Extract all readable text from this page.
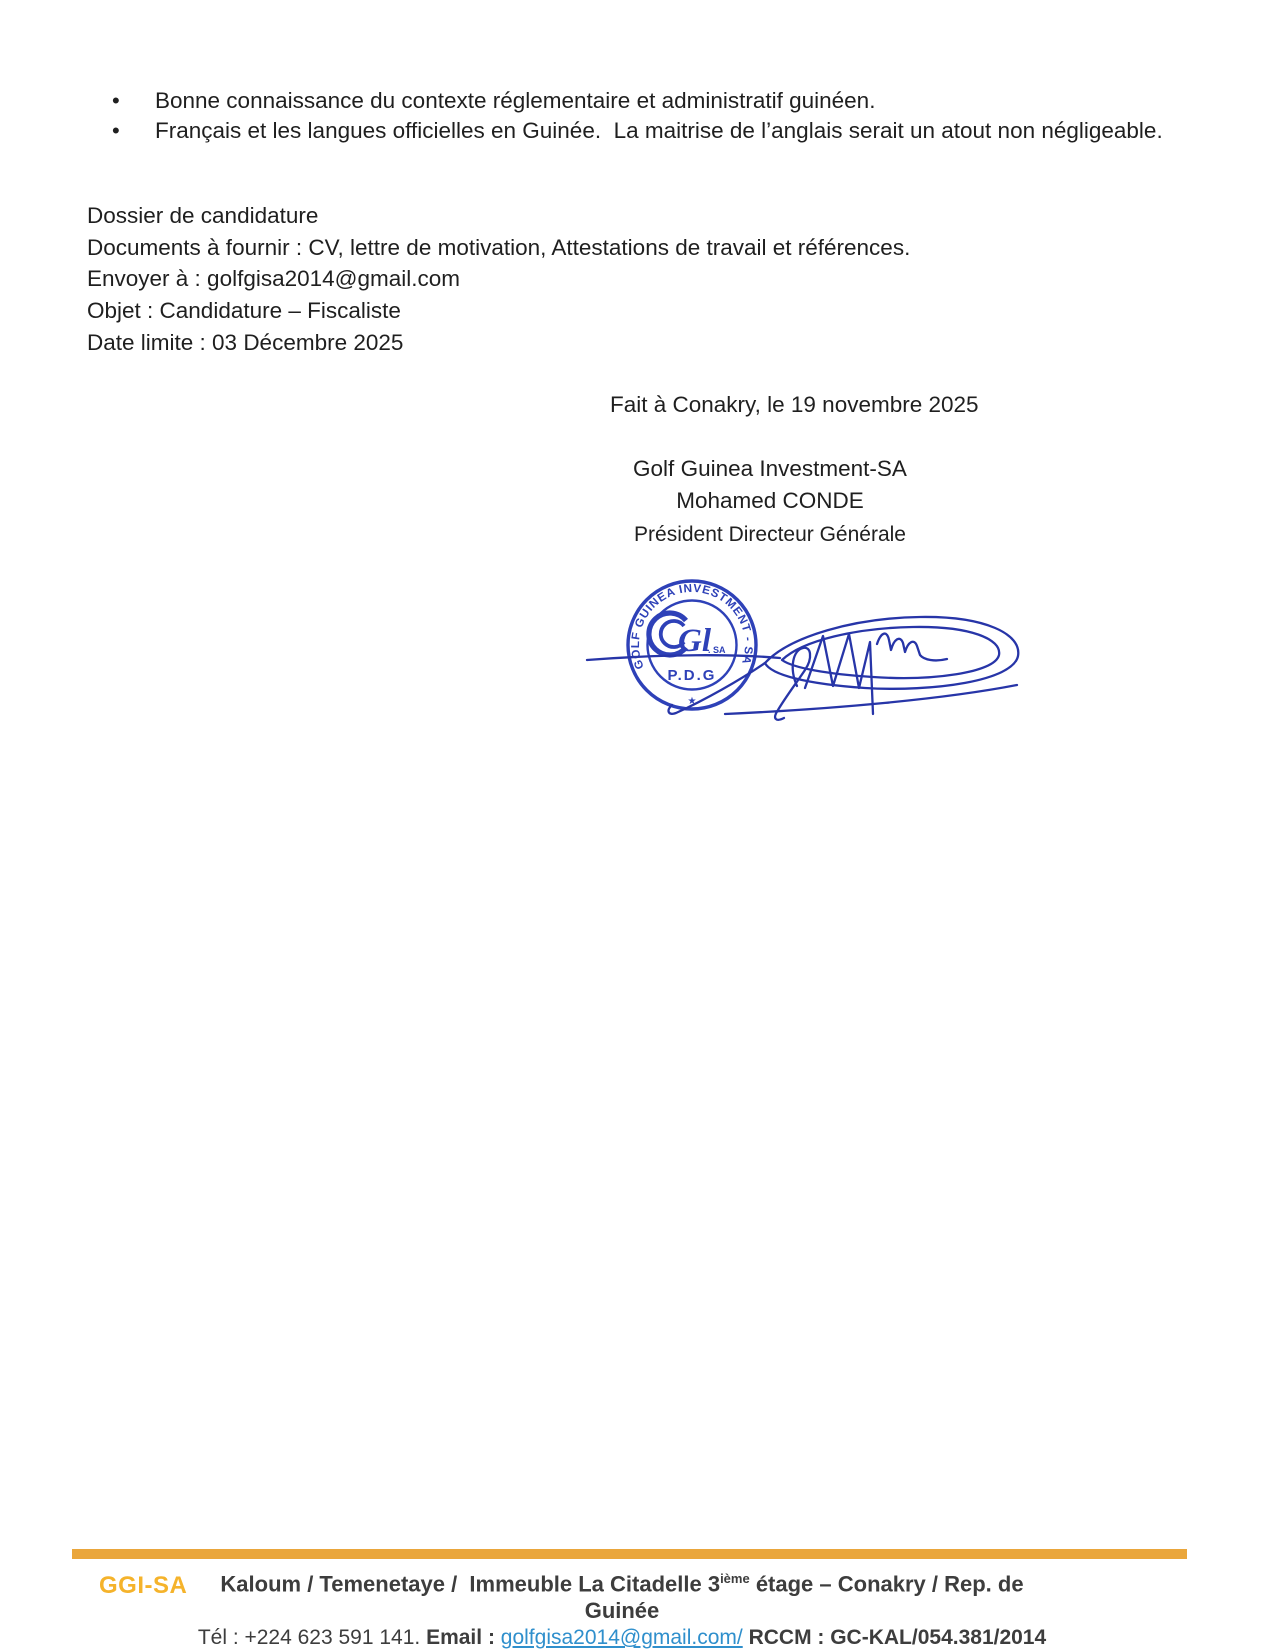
•	Bonne connaissance du contexte réglementaire et administratif guinéen.
•	Français et les langues officielles en Guinée.  La maitrise de l’anglais serait un atout non négligeable.
Dossier de candidature
Documents à fournir : CV, lettre de motivation, Attestations de travail et références.
Envoyer à : golfgisa2014@gmail.com
Objet : Candidature – Fiscaliste
Date limite : 03 Décembre 2025
Fait à Conakry, le 19 novembre 2025
Golf Guinea Investment-SA
Mohamed CONDE
Président Directeur Générale
GOLF GUINEA INVESTMENT - SA
Gl
. SA
P.D.G
★
GGI-SA	Kaloum / Temenetaye /  Immeuble La Citadelle 3ième étage – Conakry / Rep. de Guinée
Tél : +224 623 591 141. Email : golfgisa2014@gmail.com/ RCCM : GC-KAL/054.381/2014
